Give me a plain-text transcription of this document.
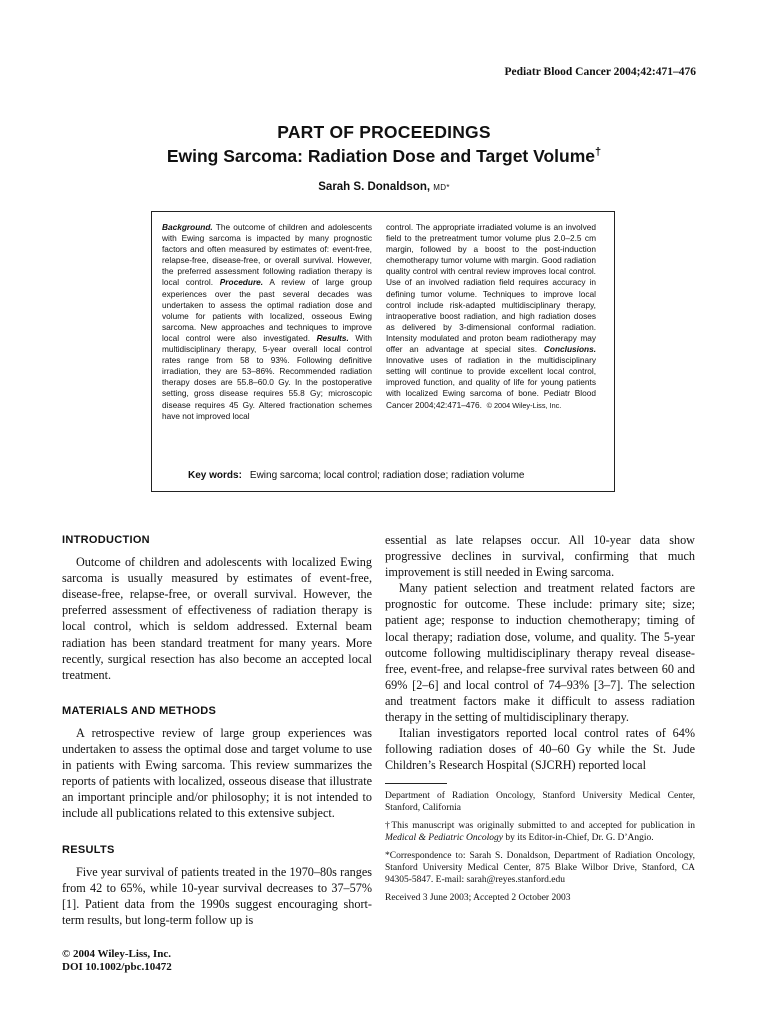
Pediatr Blood Cancer 2004;42:471–476
PART OF PROCEEDINGS
Ewing Sarcoma: Radiation Dose and Target Volume†
Sarah S. Donaldson, MD*
Background. The outcome of children and adolescents with Ewing sarcoma is impacted by many prognostic factors and often measured by estimates of: event-free, relapse-free, disease-free, or overall survival. However, the preferred assessment following radiation therapy is local control. Procedure. A review of large group experiences over the past several decades was undertaken to assess the optimal radiation dose and volume for patients with localized, osseous Ewing sarcoma. New approaches and techniques to improve local control were also investigated. Results. With multidisciplinary therapy, 5-year overall local control rates range from 58 to 93%. Following definitive irradiation, they are 53–86%. Recommended radiation therapy doses are 55.8–60.0 Gy. In the postoperative setting, gross disease requires 55.8 Gy; microscopic disease requires 45 Gy. Altered fractionation schemes have not improved local
control. The appropriate irradiated volume is an involved field to the pretreatment tumor volume plus 2.0–2.5 cm margin, followed by a boost to the post-induction chemotherapy tumor volume with margin. Good radiation quality control with central review improves local control. Use of an involved radiation field requires accuracy in defining tumor volume. Techniques to improve local control include risk-adapted multidisciplinary therapy, intraoperative boost radiation, and high radiation doses as delivered by 3-dimensional conformal radiation. Intensity modulated and proton beam radiotherapy may offer an advantage at special sites. Conclusions. Innovative uses of radiation in the multidisciplinary setting will continue to provide excellent local control, improved function, and quality of life for young patients with localized Ewing sarcoma of bone. Pediatr Blood Cancer 2004;42:471–476. © 2004 Wiley-Liss, Inc.
Key words: Ewing sarcoma; local control; radiation dose; radiation volume
INTRODUCTION

Outcome of children and adolescents with localized Ewing sarcoma is usually measured by estimates of event-free, disease-free, relapse-free, or overall survival. However, the preferred assessment of effectiveness of radiation therapy is local control, which is seldom addressed. External beam radiation has been standard treatment for many years. More recently, surgical resection has also become an accepted local treatment.

MATERIALS AND METHODS

A retrospective review of large group experiences was undertaken to assess the optimal dose and target volume to use in patients with Ewing sarcoma. This review summarizes the reports of patients with localized, osseous disease that illustrate an important principle and/or philosophy; it is not intended to include all publications related to this extensive subject.

RESULTS

Five year survival of patients treated in the 1970–80s ranges from 42 to 65%, while 10-year survival decreases to 37–57% [1]. Patient data from the 1990s suggest encouraging short-term results, but long-term follow up is

essential as late relapses occur. All 10-year data show progressive declines in survival, confirming that much improvement is still needed in Ewing sarcoma.

Many patient selection and treatment related factors are prognostic for outcome. These include: primary site; size; patient age; response to induction chemotherapy; timing of local therapy; radiation dose, volume, and quality. The 5-year outcome following multidisciplinary therapy reveal disease-free, event-free, and relapse-free survival rates between 60 and 69% [2–6] and local control of 74–93% [3–7]. The selection and treatment factors make it difficult to assess radiation therapy in the setting of multidisciplinary therapy.

Italian investigators reported local control rates of 64% following radiation doses of 40–60 Gy while the St. Jude Children’s Research Hospital (SJCRH) reported local

Department of Radiation Oncology, Stanford University Medical Center, Stanford, California
†This manuscript was originally submitted to and accepted for publication in Medical & Pediatric Oncology by its Editor-in-Chief, Dr. G. D’Angio.
*Correspondence to: Sarah S. Donaldson, Department of Radiation Oncology, Stanford University Medical Center, 875 Blake Wilbor Drive, Stanford, CA 94305-5847. E-mail: sarah@reyes.stanford.edu
Received 3 June 2003; Accepted 2 October 2003
© 2004 Wiley-Liss, Inc.
DOI 10.1002/pbc.10472
